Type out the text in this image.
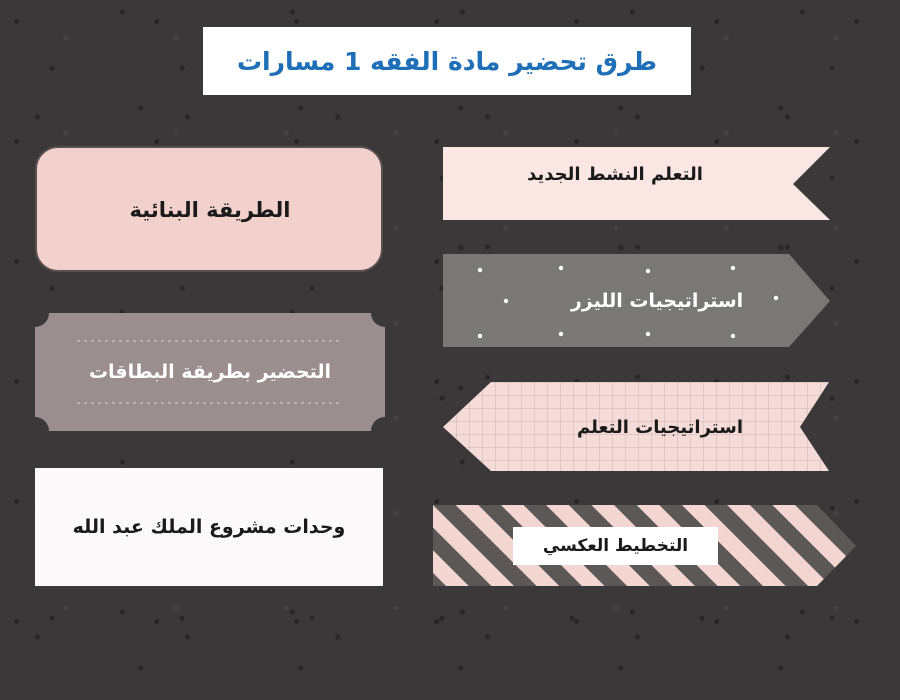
طرق تحضير مادة الفقه 1 مسارات
الطريقة البنائية
التحضير بطريقة البطاقات
وحدات مشروع الملك عبد الله
التعلم النشط الجديد
استراتيجيات الليزر
استراتيجيات التعلم
التخطيط العكسي
